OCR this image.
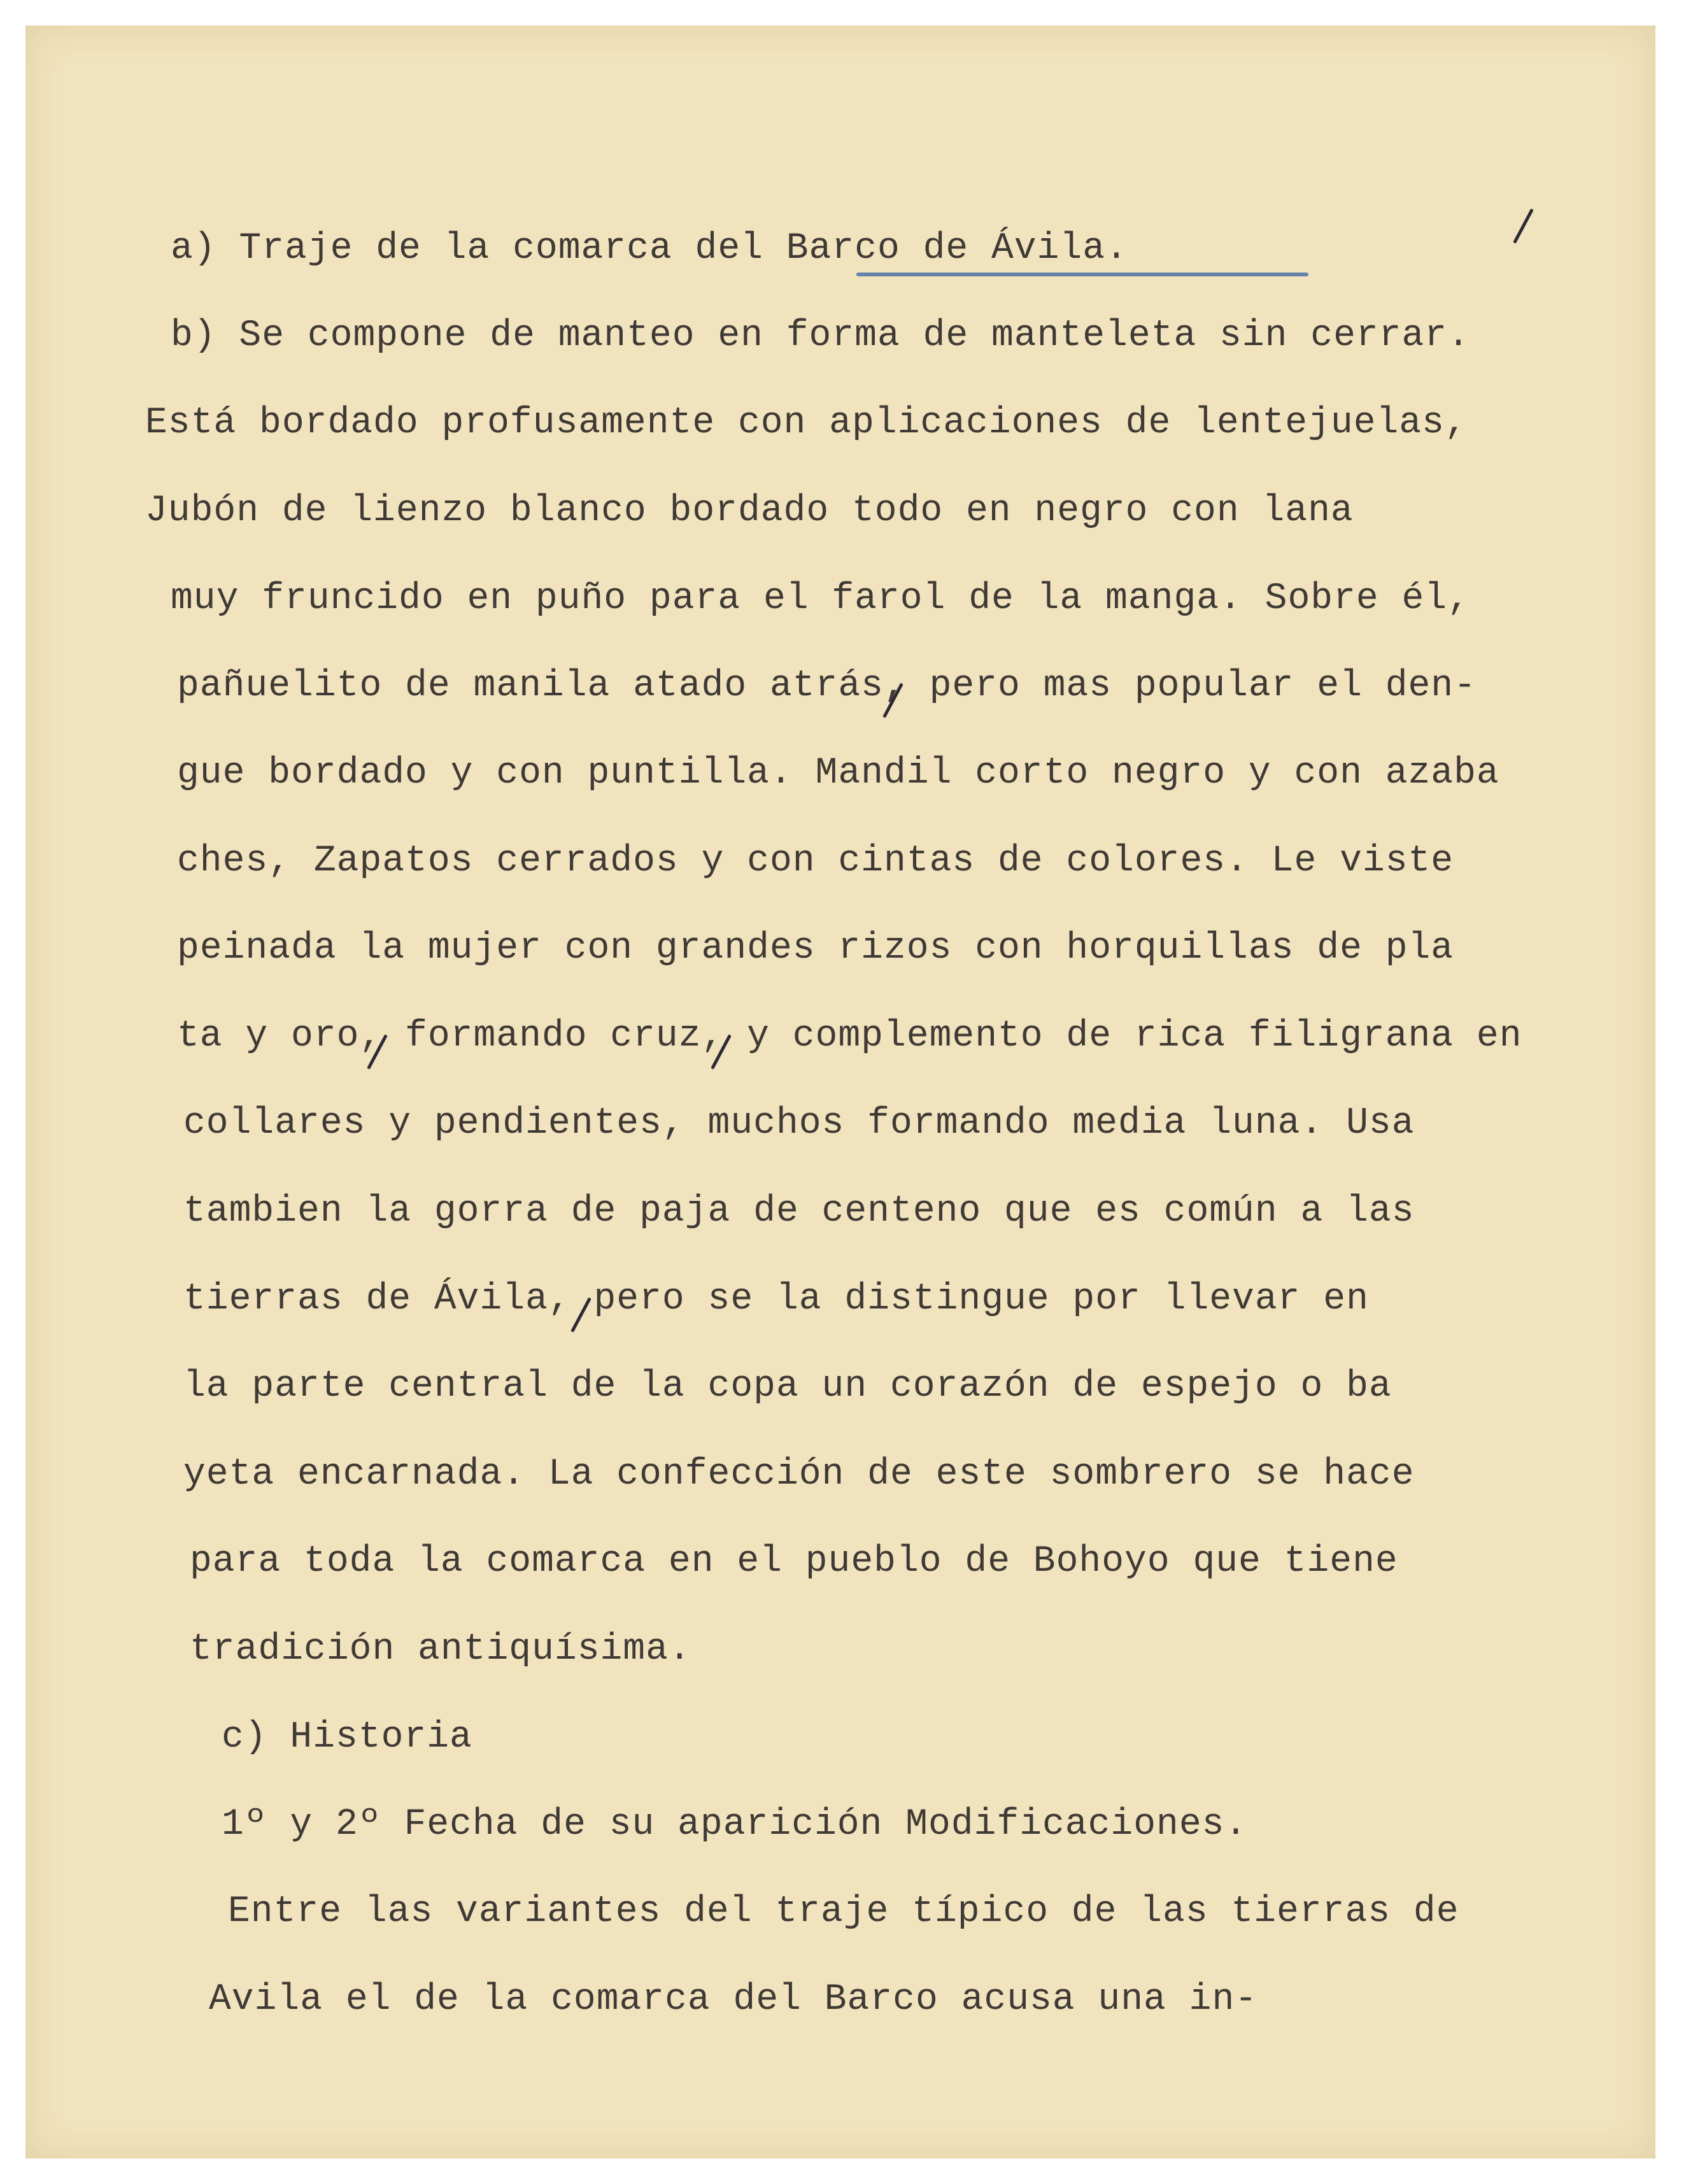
a) Traje de la comarca del Barco de Ávila.

b) Se compone de manteo en forma de manteleta sin cerrar.

Está bordado profusamente con aplicaciones de lentejuelas,

Jubón de lienzo blanco bordado todo en negro con lana

muy fruncido en puño para el farol de la manga. Sobre él,

pañuelito de manila atado atrás, pero mas popular el den-

gue bordado y con puntilla. Mandil corto negro y con azaba

ches, Zapatos cerrados y con cintas de colores. Le viste

peinada la mujer con grandes rizos con horquillas de pla

ta y oro, formando cruz, y complemento de rica filigrana en

collares y pendientes, muchos formando media luna. Usa

tambien la gorra de paja de centeno que es común a las

tierras de Ávila, pero se la distingue por llevar en

la parte central de la copa un corazón de espejo o ba

yeta encarnada. La confección de este sombrero se hace

para toda la comarca en el pueblo de Bohoyo que tiene

tradición antiquísima.

c) Historia

1º y 2º Fecha de su aparición Modificaciones.

Entre las variantes del traje típico de las tierras de

Avila el de la comarca del Barco acusa una in-
